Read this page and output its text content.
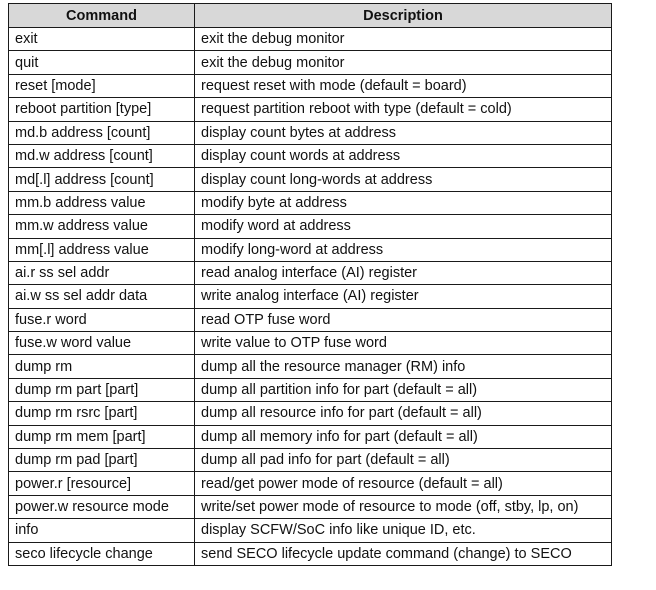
Command	Description
exit	exit the debug monitor
quit	exit the debug monitor
reset [mode]	request reset with mode (default = board)
reboot partition [type]	request partition reboot with type (default = cold)
md.b address [count]	display count bytes at address
md.w address [count]	display count words at address
md[.l] address [count]	display count long-words at address
mm.b address value	modify byte at address
mm.w address value	modify word at address
mm[.l] address value	modify long-word at address
ai.r ss sel addr	read analog interface (AI) register
ai.w ss sel addr data	write analog interface (AI) register
fuse.r word	read OTP fuse word
fuse.w word value	write value to OTP fuse word
dump rm	dump all the resource manager (RM) info
dump rm part [part]	dump all partition info for part (default = all)
dump rm rsrc [part]	dump all resource info for part (default = all)
dump rm mem [part]	dump all memory info for part (default = all)
dump rm pad [part]	dump all pad info for part (default = all)
power.r [resource]	read/get power mode of resource (default = all)
power.w resource mode	write/set power mode of resource to mode (off, stby, lp, on)
info	display SCFW/SoC info like unique ID, etc.
seco lifecycle change	send SECO lifecycle update command (change) to SECO
